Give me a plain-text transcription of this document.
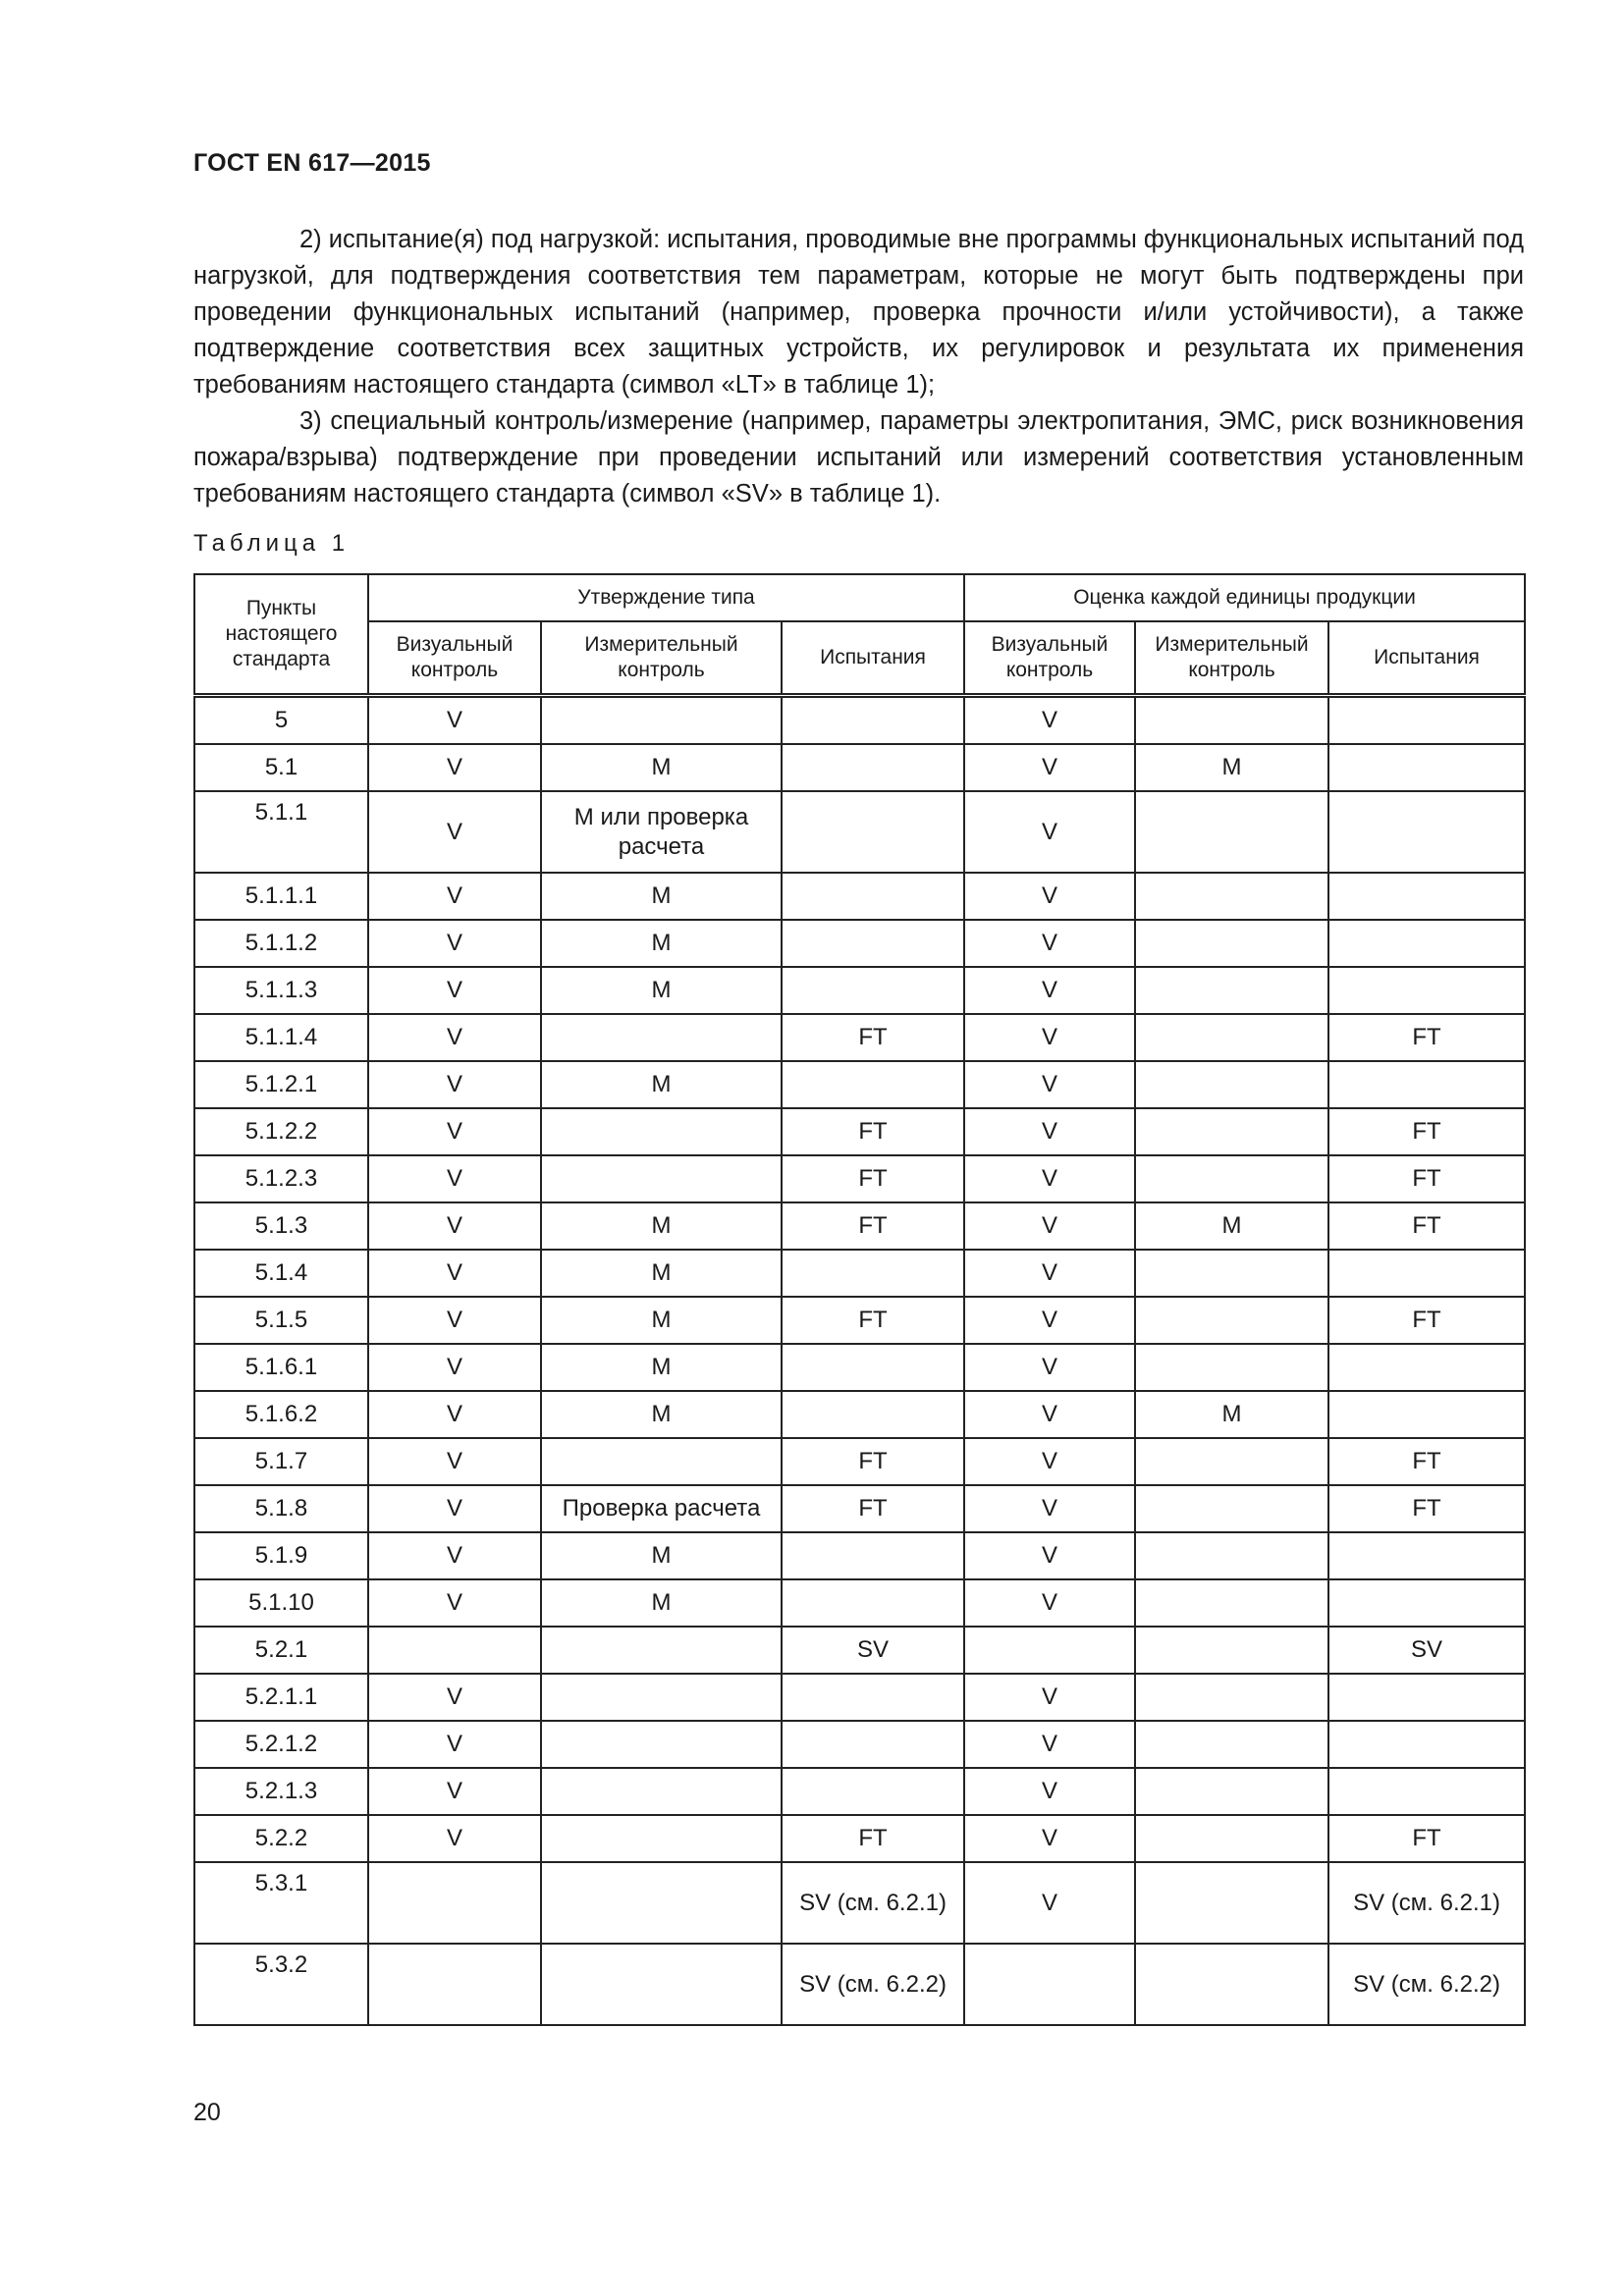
ГОСТ EN 617—2015

2) испытание(я) под нагрузкой: испытания, проводимые вне программы функциональных испытаний под нагрузкой, для подтверждения соответствия тем параметрам, которые не могут быть подтверждены при проведении функциональных испытаний (например, проверка прочности и/или устойчивости), а также подтверждение соответствия всех защитных устройств, их регулировок и результата их применения требованиям настоящего стандарта (символ «LT» в таблице 1);

3) специальный контроль/измерение (например, параметры электропитания, ЭМС, риск возникновения пожара/взрыва) подтверждение при проведении испытаний или измерений соответствия установленным требованиям настоящего стандарта (символ «SV» в таблице 1).

Таблица 1
Пункты настоящего стандарта	Утверждение типа			Оценка каждой единицы продукции		
	Визуальный контроль	Измерительный контроль	Испытания	Визуальный контроль	Измерительный контроль	Испытания
5	V			V		
5.1	V	M		V	M	
5.1.1	V	М или проверка расчета		V		
5.1.1.1	V	M		V		
5.1.1.2	V	M		V		
5.1.1.3	V	M		V		
5.1.1.4	V		FT	V		FT
5.1.2.1	V	M		V		
5.1.2.2	V		FT	V		FT
5.1.2.3	V		FT	V		FT
5.1.3	V	M	FT	V	M	FT
5.1.4	V	M		V		
5.1.5	V	M	FT	V		FT
5.1.6.1	V	M		V		
5.1.6.2	V	M		V	M	
5.1.7	V		FT	V		FT
5.1.8	V	Проверка расчета	FT	V		FT
5.1.9	V	M		V		
5.1.10	V	M		V		
5.2.1			SV			SV
5.2.1.1	V			V		
5.2.1.2	V			V		
5.2.1.3	V			V		
5.2.2	V		FT	V		FT
5.3.1			SV (см. 6.2.1)	V		SV (см. 6.2.1)
5.3.2			SV (см. 6.2.2)			SV (см. 6.2.2)
20
